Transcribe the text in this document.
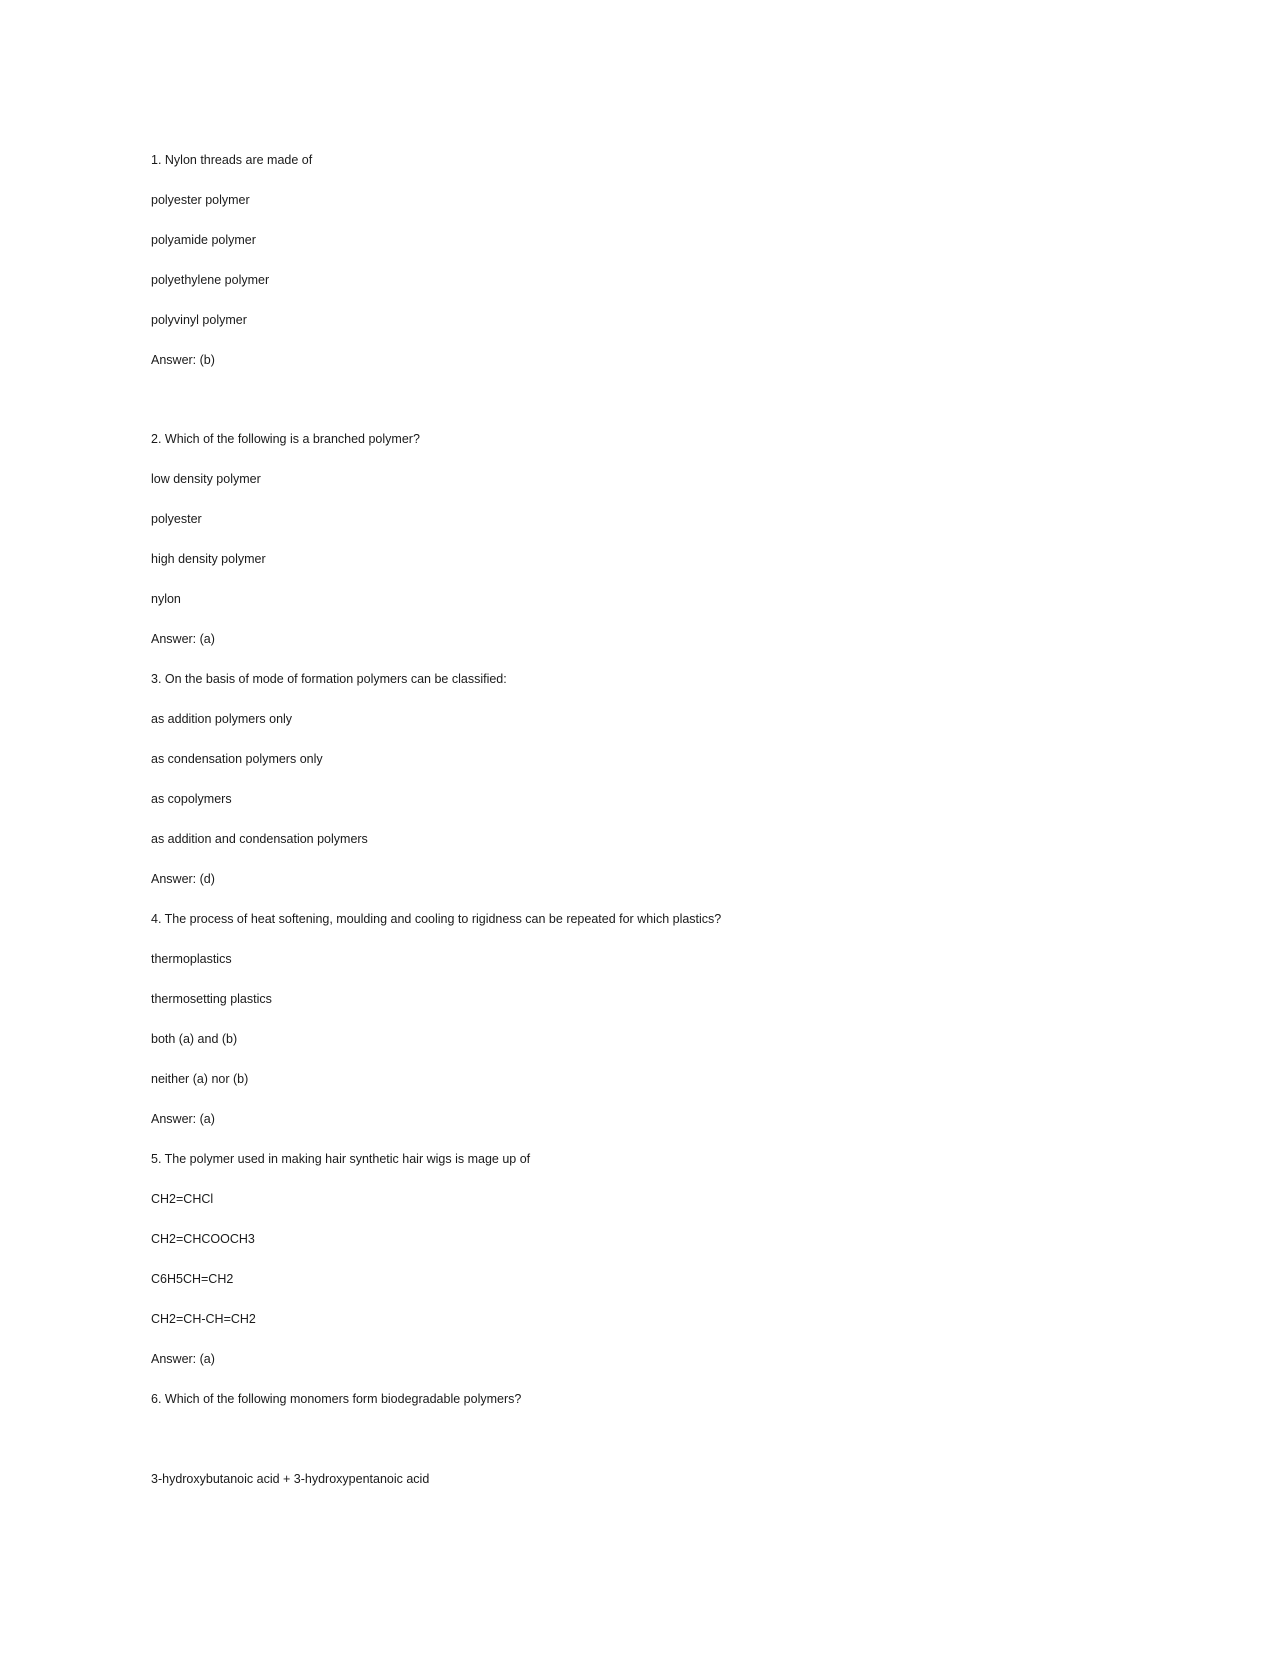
1. Nylon threads are made of
polyester polymer
polyamide polymer
polyethylene polymer
polyvinyl polymer
Answer: (b)
2. Which of the following is a branched polymer?
low density polymer
polyester
high density polymer
nylon
Answer: (a)
3. On the basis of mode of formation polymers can be classified:
as addition polymers only
as condensation polymers only
as copolymers
as addition and condensation polymers
Answer: (d)
4. The process of heat softening, moulding and cooling to rigidness can be repeated for which plastics?
thermoplastics
thermosetting plastics
both (a) and (b)
neither (a) nor (b)
Answer: (a)
5. The polymer used in making hair synthetic hair wigs is mage up of
CH2=CHCl
CH2=CHCOOCH3
C6H5CH=CH2
CH2=CH-CH=CH2
Answer: (a)
6. Which of the following monomers form biodegradable polymers?
3-hydroxybutanoic acid + 3-hydroxypentanoic acid
